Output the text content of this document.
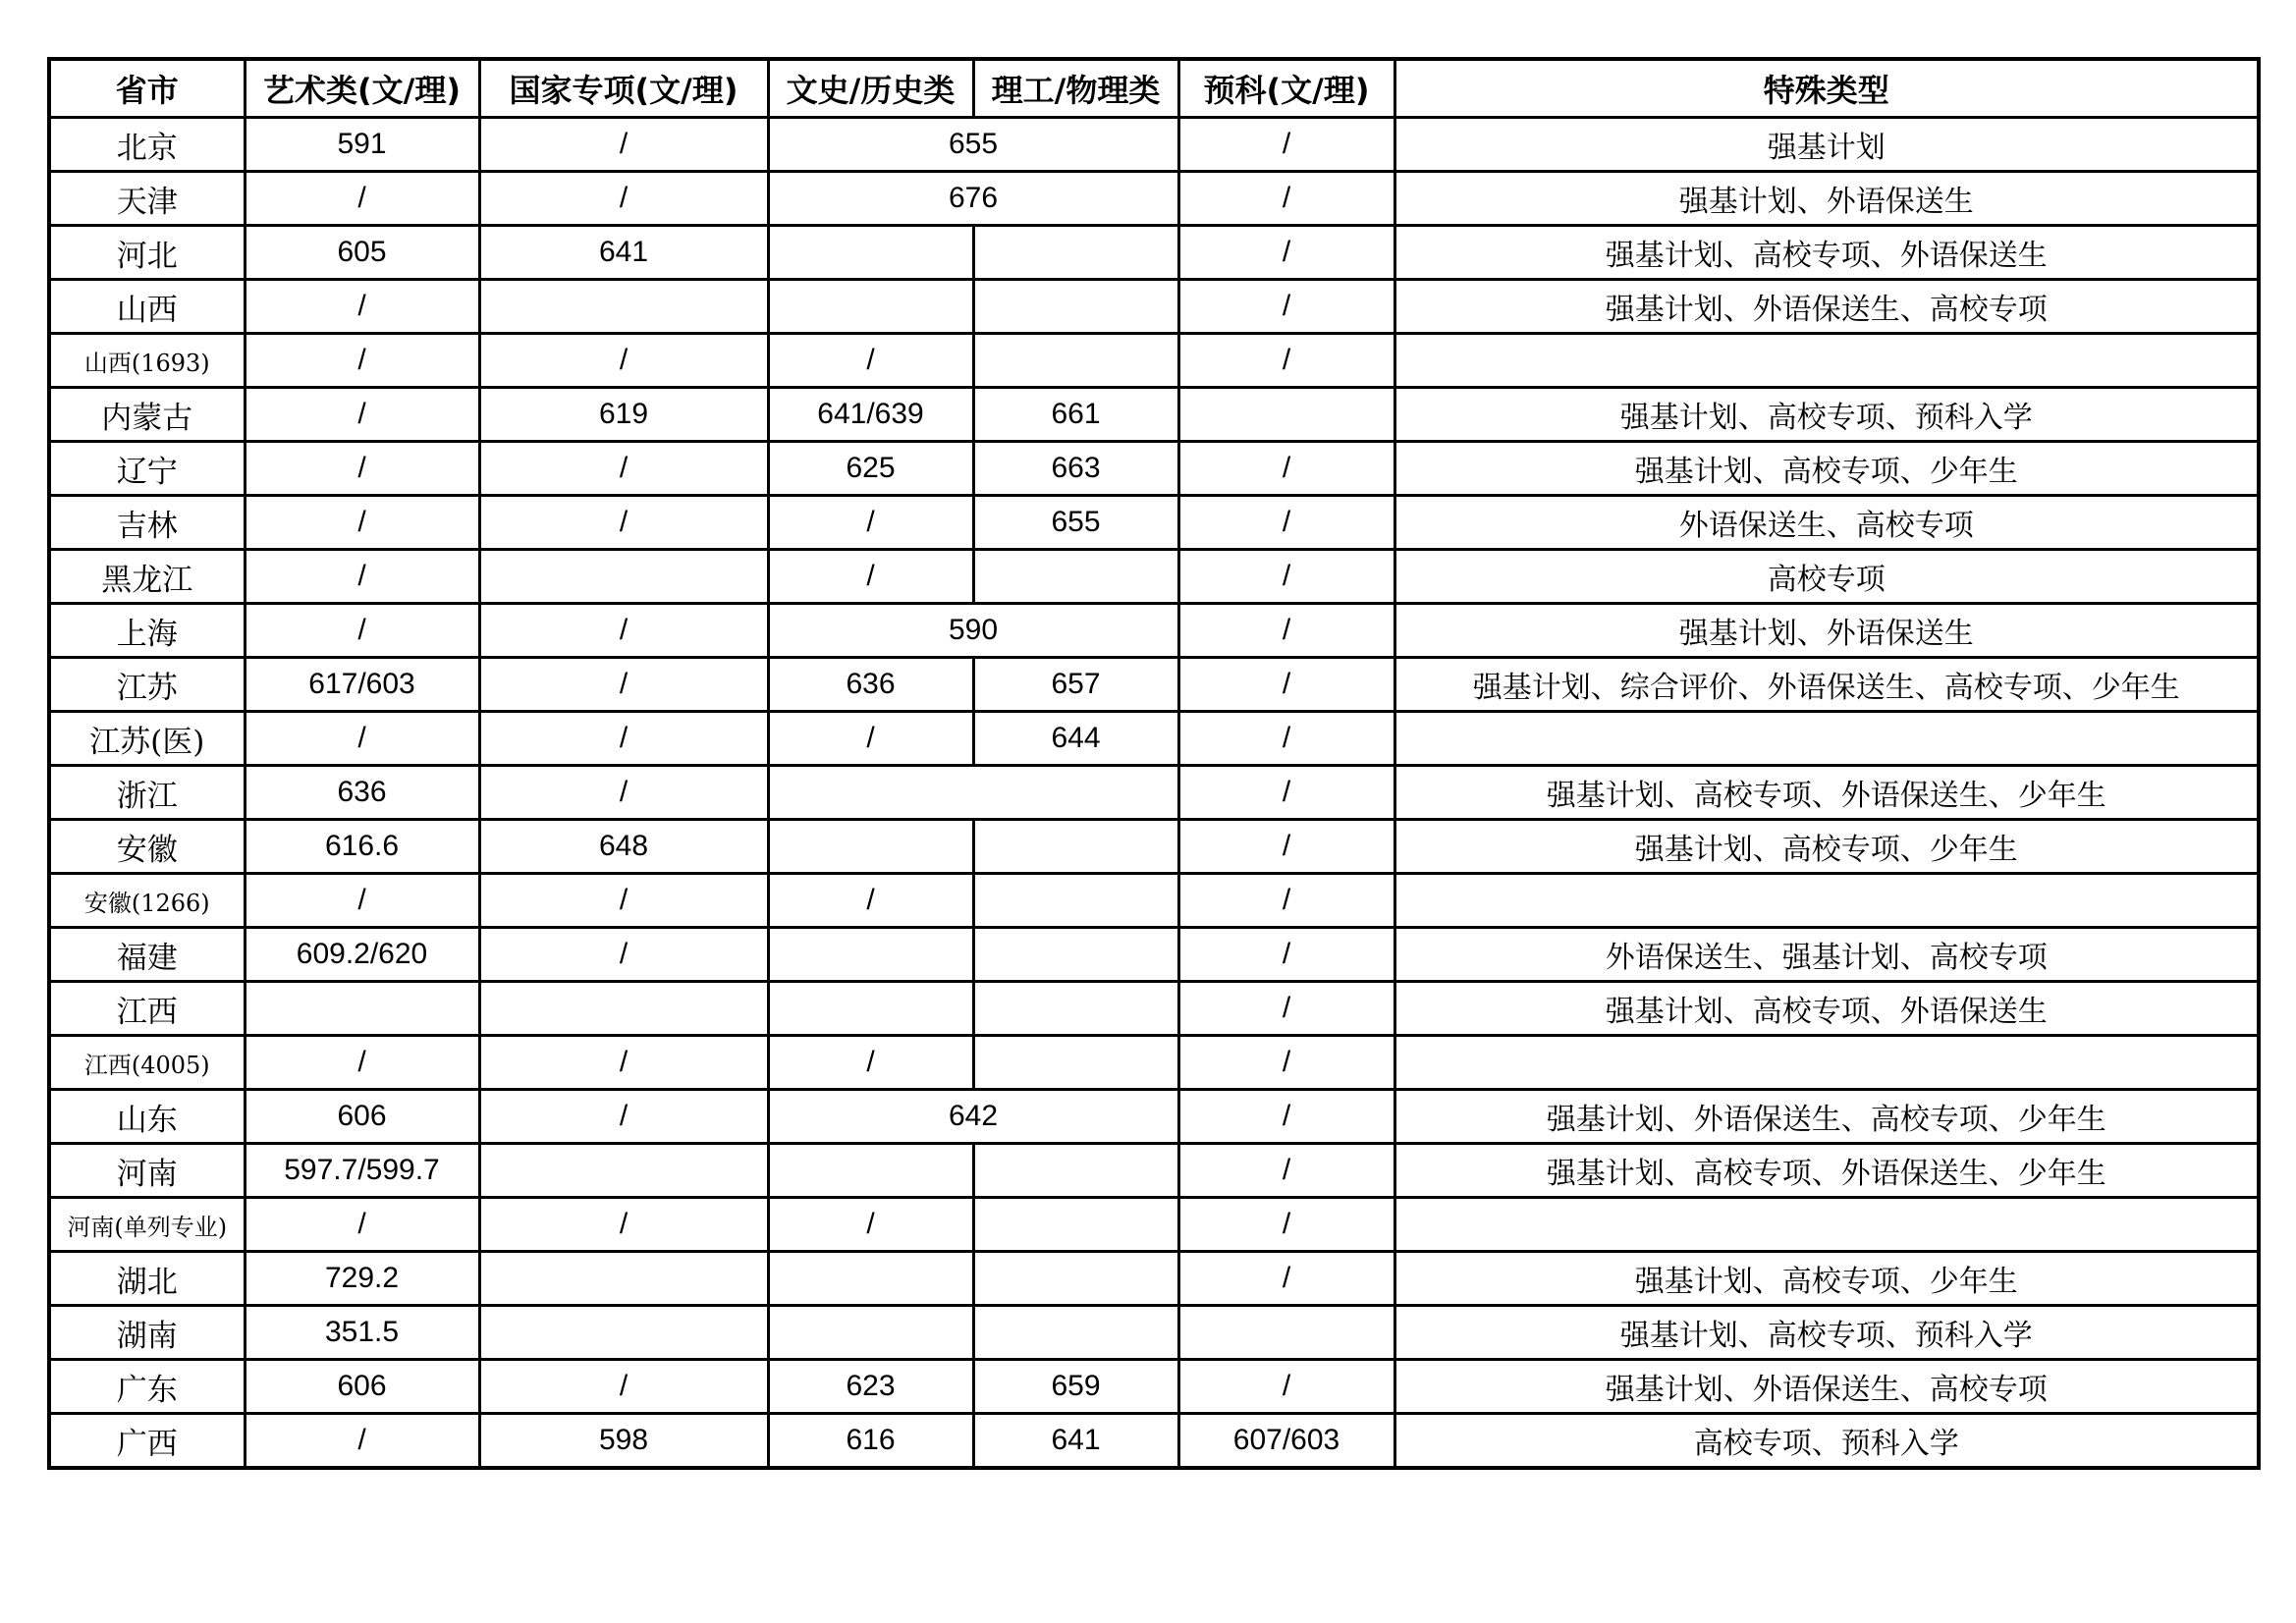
省市	艺术类(文/理)	国家专项(文/理)	文史/历史类	理工/物理类	预科(文/理)	特殊类型
北京	591	/	655		/	强基计划
天津	/	/	676		/	强基计划、外语保送生
河北	605	641			/	强基计划、高校专项、外语保送生
山西	/				/	强基计划、外语保送生、高校专项
山西(1693)	/	/	/		/	
内蒙古	/	619	641/639	661		强基计划、高校专项、预科入学
辽宁	/	/	625	663	/	强基计划、高校专项、少年生
吉林	/	/	/	655	/	外语保送生、高校专项
黑龙江	/		/		/	高校专项
上海	/	/	590		/	强基计划、外语保送生
江苏	617/603	/	636	657	/	强基计划、综合评价、外语保送生、高校专项、少年生
江苏(医)	/	/	/	644	/	
浙江	636	/			/	强基计划、高校专项、外语保送生、少年生
安徽	616.6	648			/	强基计划、高校专项、少年生
安徽(1266)	/	/	/		/	
福建	609.2/620	/			/	外语保送生、强基计划、高校专项
江西					/	强基计划、高校专项、外语保送生
江西(4005)	/	/	/		/	
山东	606	/	642		/	强基计划、外语保送生、高校专项、少年生
河南	597.7/599.7				/	强基计划、高校专项、外语保送生、少年生
河南(单列专业)	/	/	/		/	
湖北	729.2				/	强基计划、高校专项、少年生
湖南	351.5					强基计划、高校专项、预科入学
广东	606	/	623	659	/	强基计划、外语保送生、高校专项
广西	/	598	616	641	607/603	高校专项、预科入学
